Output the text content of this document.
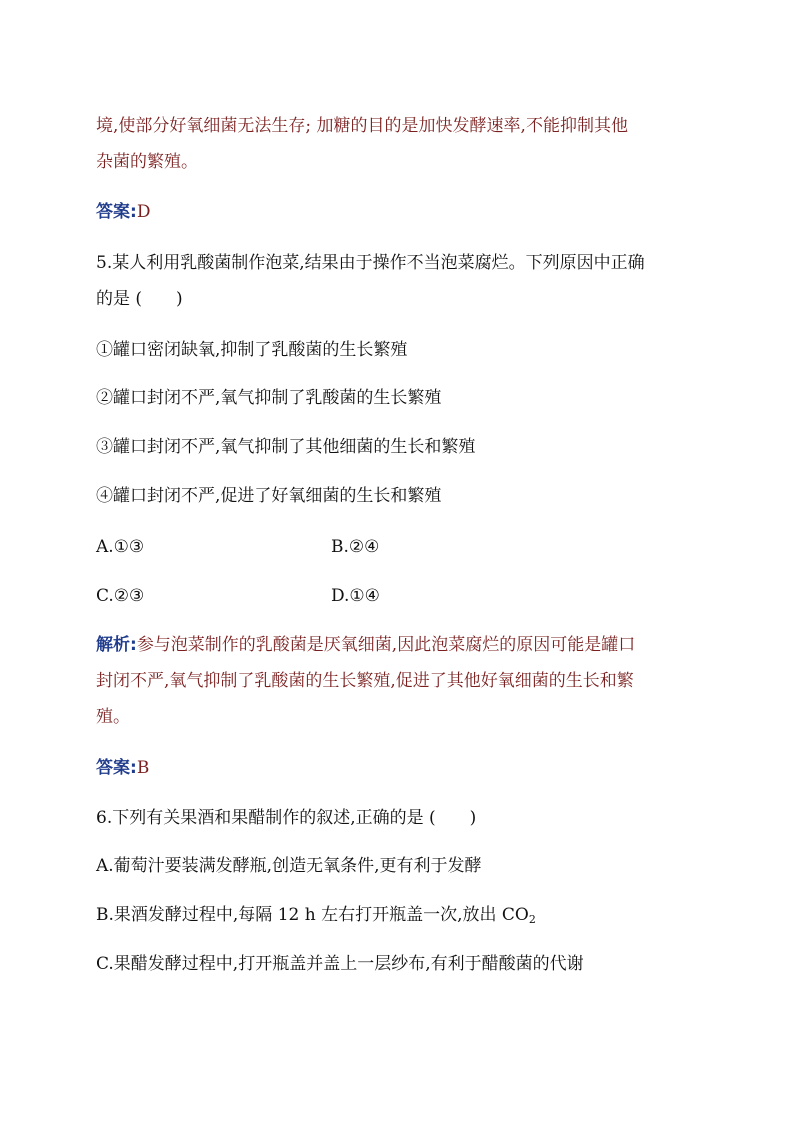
境,使部分好氧细菌无法生存; 加糖的目的是加快发酵速率,不能抑制其他
杂菌的繁殖。
答案:D
5.某人利用乳酸菌制作泡菜,结果由于操作不当泡菜腐烂。下列原因中正确
的是 (　　)
①罐口密闭缺氧,抑制了乳酸菌的生长繁殖
②罐口封闭不严,氧气抑制了乳酸菌的生长繁殖
③罐口封闭不严,氧气抑制了其他细菌的生长和繁殖
④罐口封闭不严,促进了好氧细菌的生长和繁殖
A.①③	B.②④
C.②③	D.①④
解析:参与泡菜制作的乳酸菌是厌氧细菌,因此泡菜腐烂的原因可能是罐口
封闭不严,氧气抑制了乳酸菌的生长繁殖,促进了其他好氧细菌的生长和繁
殖。
答案:B
6.下列有关果酒和果醋制作的叙述,正确的是 (　　)
A.葡萄汁要装满发酵瓶,创造无氧条件,更有利于发酵
B.果酒发酵过程中,每隔 12 h 左右打开瓶盖一次,放出 $CO_2$
C.果醋发酵过程中,打开瓶盖并盖上一层纱布,有利于醋酸菌的代谢
